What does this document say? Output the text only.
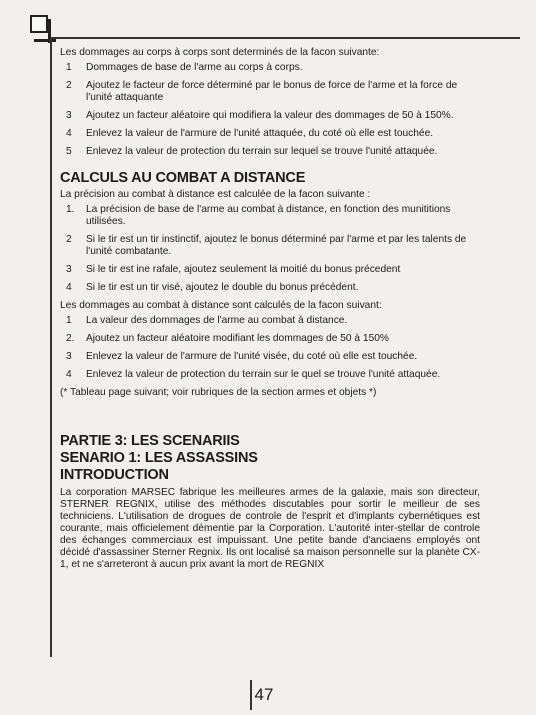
Les dommages au corps à corps sont determinés de la facon suivante:

1 Dommages de base de l'arme au corps à corps.
2 Ajoutez le facteur de force déterminé par le bonus de force de l'arme et la force de l'unité attaquante
3 Ajoutez un facteur aléatoire qui modifiera la valeur des dommages de 50 à 150%.
4 Enlevez la valeur de l'armure de l'unité attaquée, du coté où elle est touchée.
5 Enlevez la valeur de protection du terrain sur lequel se trouve l'unité attaquée.
CALCULS AU COMBAT A DISTANCE

La précision au combat à distance est calculée de la facon suivante :

1. La précision de base de l'arme au combat à distance, en fonction des munititions utilisées.
2 Si le tir est un tir instinctif, ajoutez le bonus déterminé par l'arme et par les talents de l'unité combatante.
3 Si le tir est ine rafale, ajoutez seulement la moitié du bonus précedent
4 Si le tir est un tir visé, ajoutez le double du bonus précédent.

Les dommages au combat à distance sont calculés de la facon suivant:

1 La valeur des dommages de l'arme au combat à distance.
2. Ajoutez un facteur aléatoire modifiant les dommages de 50 à 150%
3 Enlevez la valeur de l'armure de l'unité visée, du coté où elle est touchée.
4 Enlevez la valeur de protection du terrain sur le quel se trouve l'unité attaquée.

(* Tableau page suivant; voir rubriques de la section armes et objets *)

PARTIE 3: LES SCENARIIS
SENARIO 1: LES ASSASSINS
INTRODUCTION

La corporation MARSEC fabrique les meilleures armes de la galaxie, mais son directeur, STERNER REGNIX, utilise des méthodes discutables pour sortir le meilleur de ses techniciens. L'utilisation de drogues de controle de l'esprit et d'implants cybernétiques est courante, mais officielement démentie par la Corporation. L'autorité inter-stellar de controle des échanges commerciaux est impuissant. Une petite bande d'anciaens employés ont décidé d'assassiner Sterner Regnix. Ils ont localisé sa maison personnelle sur la planète CX-1, et ne s'arreteront à aucun prix avant la mort de REGNIX

47
